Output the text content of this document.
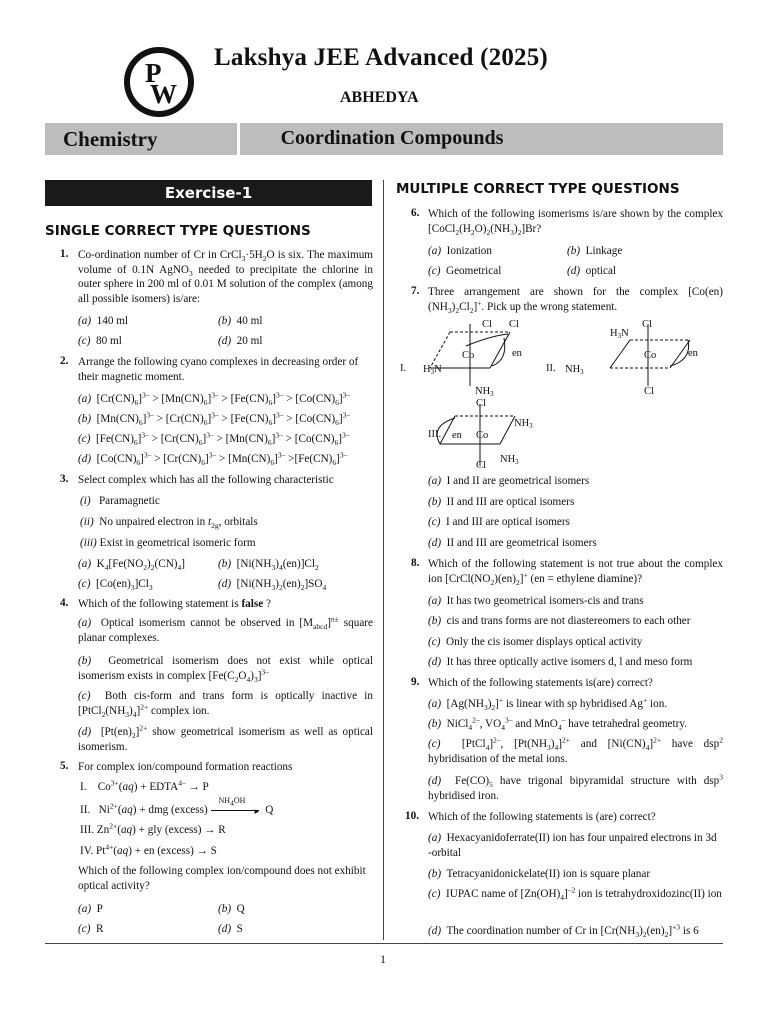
P
W
Lakshya JEE Advanced (2025)
ABHEDYA
Chemistry	Coordination Compounds
Exercise-1
SINGLE CORRECT TYPE QUESTIONS
MULTIPLE CORRECT TYPE QUESTIONS
1. Co-ordination number of Cr in $CrCl_3\cdot 5H_2O$ is six. The maximum volume of 0.1N AgNO$_3$ needed to precipitate the chlorine in outer sphere in 200 ml of 0.01 M solution of the complex (among all possible isomers) is/are:
(a) 140 ml	(b) 40 ml
(c) 80 ml	(d) 20 ml
2. Arrange the following cyano complexes in decreasing order of their magnetic moment.
(a)  $[Cr(CN)_6]^{3-} > [Mn(CN)_6]^{3-} > [Fe(CN)_6]^{3-} > [Co(CN)_6]^{3-}$
(b)  $[Mn(CN)_6]^{3-} > [Cr(CN)_6]^{3-} > [Fe(CN)_6]^{3-} > [Co(CN)_6]^{3-}$
(c)  $[Fe(CN)_6]^{3-} > [Cr(CN)_6]^{3-} > [Mn(CN)_6]^{3-} > [Co(CN)_6]^{3-}$
(d)  $[Co(CN)_6]^{3-} > [Cr(CN)_6]^{3-} > [Mn(CN)_6]^{3-} >[Fe(CN)_6]^{3-}$
3. Select complex which has all the following characteristic
(i) Paramagnetic
(ii) No unpaired electron in $t_{2g}$, orbitals
(iii) Exist in geometrical isomeric form
(a)  $K_4[Fe(NO_2)_2(CN)_4]$	(b)  $[Ni(NH_3)_4(en)]Cl_2$
(c)  $[Co(en)_3]Cl_3$	(d)  $[Ni(NH_3)_2(en)_2]SO_4$
4. Which of the following statement is false ?
(a)  Optical isomerism cannot be observed in $[M_{abcd}]^{n\pm}$ square planar complexes.
(b)  Geometrical isomerism does not exist while optical isomerism exists in complex $[Fe(C_2O_4)_3]^{3-}$
(c)  Both cis-form and trans form is optically inactive in $[PtCl_2(NH_3)_4]^{2+}$ complex ion.
(d)  $[Pt(en)_2]^{2+}$ show geometrical isomerism as well as optical isomerism.
5. For complex ion/compound formation reactions
I.    $Co^{3+}(aq)$ + $EDTA^{4-} \to P$
II.   $Ni^{2+}(aq)$ + dmg (excess)
$NH_4OH$
▸ Q
III. $Zn^{2+}(aq)$ + gly (excess) → R
IV. $Pt^{4+}(aq)$ + en (excess) → S
Which of the following complex ion/compound does not exhibit optical activity?
(a) P	(b) Q
(c) R	(d) S
6. Which of the following isomerisms is/are shown by the complex $[CoCl_2(H_2O)_2(NH_3)_2]Br$?
(a) Ionization	(b) Linkage
(c) Geometrical	(d) optical
7. Three arrangement are shown for the complex $[Co(en)(NH_3)_2Cl_2]^+$. Pick up the wrong statement.
Cl Cl
Co	en
I. H3N
NH3
H3N
Cl
Co	en
II. NH3
Cl
Cl
Co
NH3
en
NH3
Cl
III.
(a) I and II are geometrical isomers
(b) II and III are optical isomers
(c) I and III are optical isomers
(d) II and III are geometrical isomers
8. Which of the following statement is not true about the complex ion $[CrCl(NO_2)(en)_2]^+$ (en = ethylene diamine)?
(a) It has two geometrical isomers-cis and trans
(b) cis and trans forms are not diastereomers to each other
(c) Only the cis isomer displays optical activity
(d) It has three optically active isomers d, l and meso form
9. Which of the following statements is(are) correct?
(a)  $[Ag(NH_3)_2]^+$ is linear with sp hybridised Ag+ ion.
(b)  NiCl$_4^{2-}$, $VO_4^{3-}$ and MnO$_4$– have tetrahedral geometry.
(c)  [PtCl$_4$]$^{2-}$, $[Pt(NH_3)_4]^{2+}$ and $[Ni(CN)_4]^{2+}$ have dsp$^2$ hybridisation of the metal ions.
(d)  $Fe(CO)_5$ have trigonal bipyramidal structure with dsp$^3$ hybridised iron.
10. Which of the following statements is (are) correct?
(a) Hexacyanidoferrate(II) ion has four unpaired electrons in 3d -orbital
(b) Tetracyanidonickelate(II) ion is square planar
(c)  IUPAC name of $[Zn(OH)_4]^{-2}$ ion is tetrahydroxidozinc(II) ion
(d)  The coordination number of Cr in $[Cr(NH_3)_2(en)_2]^{+3}$ is 6
1
